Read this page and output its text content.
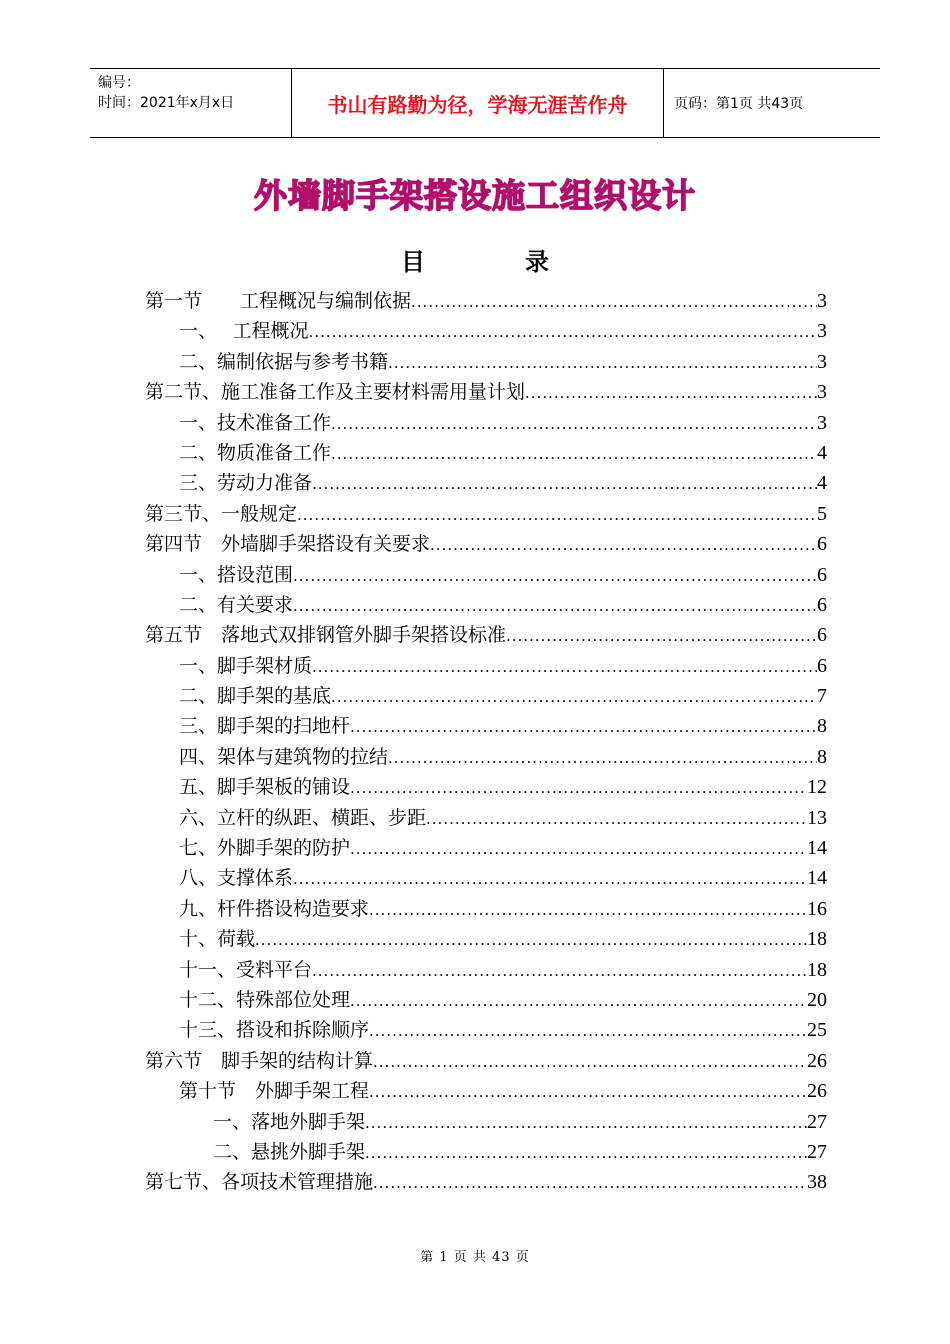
编号：
时间：2021年x月x日	书山有路勤为径，学海无涯苦作舟	页码：第1页 共43页
外墙脚手架搭设施工组织设计
目	录
第一节　　工程概况与编制依据 .....	3
一、　 工程概况 .....	3
二、编制依据与参考书籍 .....	3
第二节、施工准备工作及主要材料需用量计划 .....	3
一、技术准备工作 .....	3
二、物质准备工作 .....	4
三、劳动力准备 .....	4
第三节、一般规定 .....	5
第四节　外墙脚手架搭设有关要求 .....	6
一、搭设范围 .....	6
二、有关要求 .....	6
第五节　落地式双排钢管外脚手架搭设标准 .....	6
一、脚手架材质 .....	6
二、脚手架的基底 .....	7
三、脚手架的扫地杆 .....	8
四、架体与建筑物的拉结 .....	8
五、脚手架板的铺设 .....	12
六、立杆的纵距、横距、步距 .....	13
七、外脚手架的防护 .....	14
八、支撑体系 .....	14
九、杆件搭设构造要求 .....	16
十、荷载 .....	18
十一、受料平台 .....	18
十二、特殊部位处理 .....	20
十三、搭设和拆除顺序 .....	25
第六节　脚手架的结构计算 .....	26
第十节　外脚手架工程 .....	26
一、落地外脚手架 .....	27
二、悬挑外脚手架 .....	27
第七节、各项技术管理措施 .....	38
第 1 页 共 43 页
